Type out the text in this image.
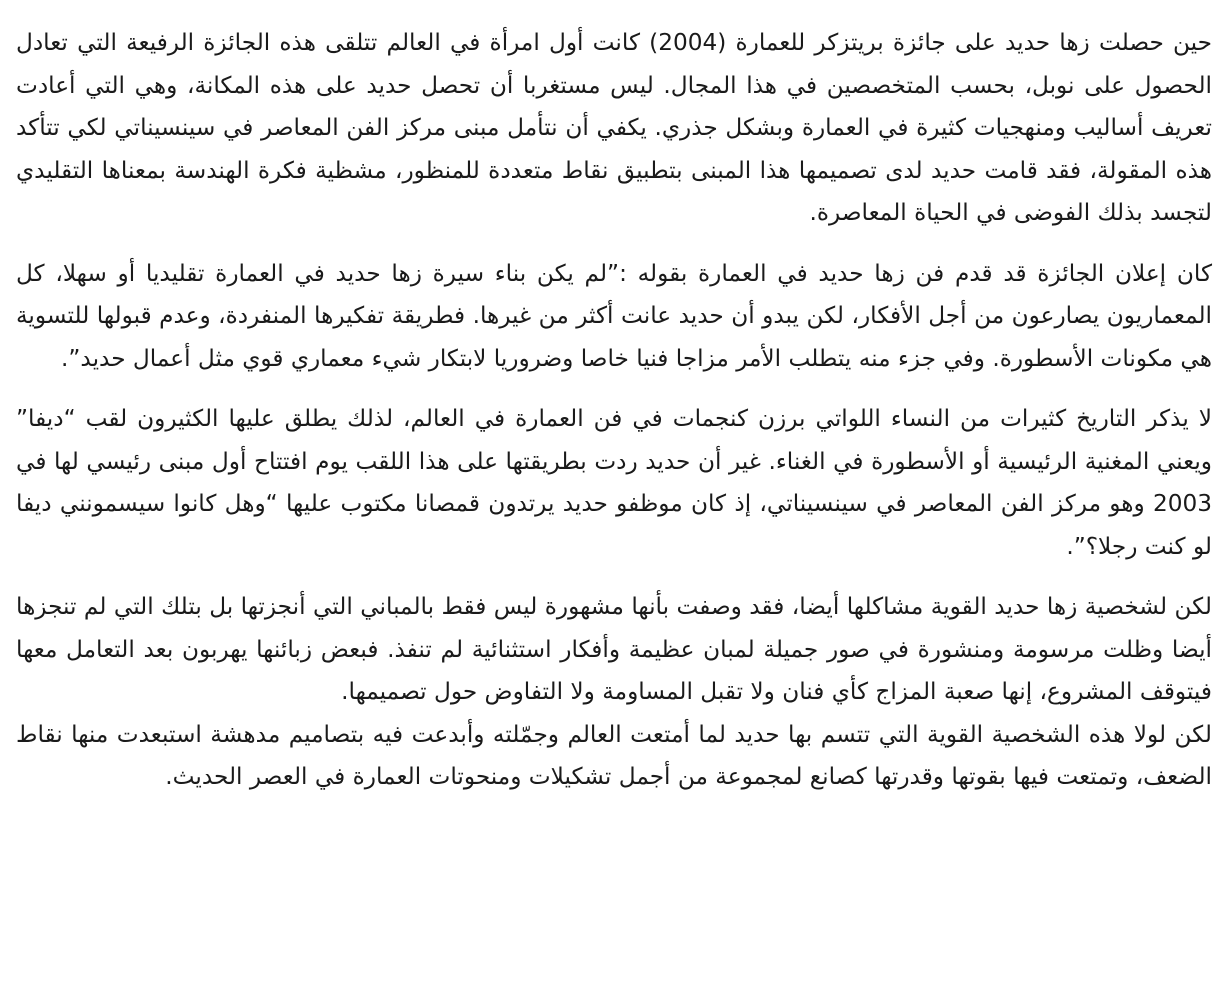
حين حصلت زها حديد على جائزة بريتزكر للعمارة (2004) كانت أول امرأة في العالم تتلقى هذه الجائزة الرفيعة التي تعادل الحصول على نوبل، بحسب المتخصصين في هذا المجال. ليس مستغربا أن تحصل حديد على هذه المكانة، وهي التي أعادت تعريف أساليب ومنهجيات كثيرة في العمارة وبشكل جذري. يكفي أن نتأمل مبنى مركز الفن المعاصر في سينسيناتي لكي تتأكد هذه المقولة، فقد قامت حديد لدى تصميمها هذا المبنى بتطبيق نقاط متعددة للمنظور، مشظية فكرة الهندسة بمعناها التقليدي لتجسد بذلك الفوضى في الحياة المعاصرة.

كان إعلان الجائزة قد قدم فن زها حديد في العمارة بقوله :”لم يكن بناء سيرة زها حديد في العمارة تقليديا أو سهلا، كل المعماريون يصارعون من أجل الأفكار، لكن يبدو أن حديد عانت أكثر من غيرها. فطريقة تفكيرها المنفردة، وعدم قبولها للتسوية هي مكونات الأسطورة. وفي جزء منه يتطلب الأمر مزاجا فنيا خاصا وضروريا لابتكار شيء معماري قوي مثل أعمال حديد”.

لا يذكر التاريخ كثيرات من النساء اللواتي برزن كنجمات في فن العمارة في العالم، لذلك يطلق عليها الكثيرون لقب “ديفا” ويعني المغنية الرئيسية أو الأسطورة في الغناء. غير أن حديد ردت بطريقتها على هذا اللقب يوم افتتاح أول مبنى رئيسي لها في 2003 وهو مركز الفن المعاصر في سينسيناتي، إذ كان موظفو حديد يرتدون قمصانا مكتوب عليها “وهل كانوا سيسمونني ديفا لو كنت رجلا؟”.

لكن لشخصية زها حديد القوية مشاكلها أيضا، فقد وصفت بأنها مشهورة ليس فقط بالمباني التي أنجزتها بل بتلك التي لم تنجزها أيضا وظلت مرسومة ومنشورة في صور جميلة لمبان عظيمة وأفكار استثنائية لم تنفذ. فبعض زبائنها يهربون بعد التعامل معها فيتوقف المشروع، إنها صعبة المزاج كأي فنان ولا تقبل المساومة ولا التفاوض حول تصميمها.

لكن لولا هذه الشخصية القوية التي تتسم بها حديد لما أمتعت العالم وجمّلته وأبدعت فيه بتصاميم مدهشة استبعدت منها نقاط الضعف، وتمتعت فيها بقوتها وقدرتها كصانع لمجموعة من أجمل تشكيلات ومنحوتات العمارة في العصر الحديث.
